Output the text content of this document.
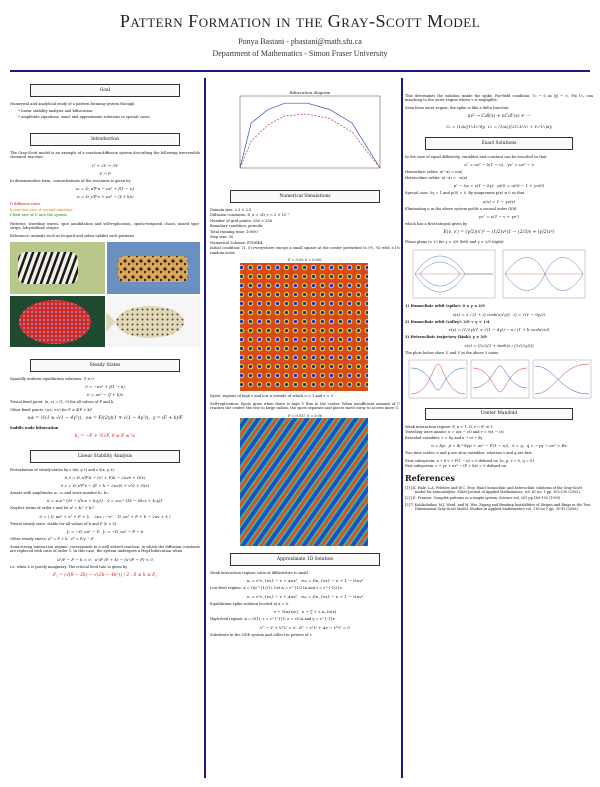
Pattern Formation in the Gray-Scott Model
Ponya Bastani - pbastani@math.sfu.ca
Department of Mathematics - Simon Fraser University
Goal
Numerical and analytical study of a pattern forming system through
• linear stability analysis and bifurcation
• amplitude equations, exact and approximate solutions in special cases
Introduction
The Gray-Scott model is an example of a reaction-diffusion system describing the following irreversible chemical reaction:
U + 2V → 3V
V → P
In dimensionless form, concentrations of the reactants is given by
uₜ = D_u∇²u − uv² + f(1 − u)
vₜ = D_v∇²v + uv² − (f + k)v
D diffusion rates
k reaction rate of second equation
f feed rate of U into the system
Patterns: traveling waves, spot annihilation and self-replication, spatio-temporal chaos, mixed spot-stripe, labyrinthine stripes
Relevance: animals such as leopard and zebra exhibit such patterns
Steady States
Spatially uniform equilibrium solutions: ∇ ≡ 0.
0 = −uv² + f(1 − u)
0 = uv² − (f + k)v
Trivial fixed point: (u, v) = (1, 0) for all values of F and k
Other fixed points: (u±, v±) for F ≥ 4(F + k)²
u± = ½(1 ± √(1 − 4γ²)),  v± = F/(2γ)(1 ∓ √(1 − 4γ²)),  γ = (F + k)/F
Saddle node bifurcation
k꜀ = −F + ½√F, 0 ≤ F ≤ ¼
Linear Stability Analysis
Perturbation of steady-states by ε ū(x, y, t) and ε v̄(x, y, t):
ū_t = D_u∇²ū − (v² + F)ū − 2uvv̄ + O(ε)
v̄_t = D_v∇²v̄ − (F + k − 2uv)v̄ + v²ū + O(ε)
Ansatz with amplitudes u₀, v₀ and wave number k₁, k₂:
ū = u₀e^{λt − i(k₁x + k₂y)},  v̄ = v₀e^{λt − i(k₁x + k₂y)}
Neglect terms of order ε and let a² = k₁² + k₂²:
0 = | D_ua² + v² + F + λ    2uv ; −v²    D_va² + F + k − 2uv + λ |
Trivial steady state: stable for all values of k and F (λ < 0)
J₁ = −D_ua² − F,  J₂ = −D_va² − F − k
Other steady states: u* = F + k,  v* = F/γ − F
Semi-strong interaction regime: corresponds to a well-stirred reaction, in which the diffusion constants are replaced with ratio of order 1. In this case, the system undergoes a Hopf bifurcation when
u²/F − F − k = 0,  u²/F (F + k) − (u²/F − F) < 0
i.e. when λ is purely imaginary. The critical feed rate is given by
F꜀ = (√(8 − 2k) − √(2k − 4k²)) / 2 , 0 ≤ k ≤ F꜀
Bifurcation diagram
Numerical Simulations
Domain size: 2.5 × 2.5
Diffusion constants: D_u = 2D_v = 2 × 10⁻⁵
Number of grid points: 256 × 256
Boundary condition: periodic
Total running time: 10000
Step size: 30
Numerical Scheme: ETDRK4
Initial condition: (1, 0) everywhere except a small square at the center perturbed to (½, ¼) with ±1% random noise
F = 0.03, k = 0.062
Spots: regions of high v and low u outside of which u ≈ 1 and v ≈ 0
Self-replication: Spots grow when there is high U flux to the center. When insufficient amount of U reaches the center, the rise to large radius, the spots separate and pieces move away to access more U.
F = 0.037, k = 0.06
Approximate 1D Solution
Weak interaction regime: ratio of diffusivities is small
uₜ = ε²v_{xx} − v + Auv²,  τuₜ = Du_{xx} − u + 1 − ¼uv²
Low-feed regime: A = O(ε^{1/2}). Let A = ε^{1/2}A and τ = ε^{-1/2}ν.
vₜ = ε²v_{xx} − v + Auv²,  τuₜ = Du_{xx} − u + 1 − ¼uv²
Equilibrium spike solution located at x = 0.
v ~ ¼w(x/ε),  u ~ ζ + ε uₒ ln(x)
High-feed regime: A = O(1). τ = ε^{-1}V, u = εU/A and y = ε^{-1}x
V″ − V + V²U = 0,  D″ − ε²U + Av − V²U = 0
Substitute in the ODE system and collect in powers of ε
This determines the solution inside the spike. Far-field condition: V₀ → 0 as |y| → ∞. Fix U₀, can matching to the outer region where v is negligible.
Seen from outer region, the spike is like a delta function:
uv² → C₀δ(x) + εC₁δ′(x) + ···
C₀ = (1/A)∫U₀V₀²dy,  C₁ = (1/A)∫(2U₀V₀V₁ + V₀²U₁)dy
Exact Solutions
In the case of equal diffusivity, variables and constant can be rescaled so that
u″ = uv² − λ(1 − u),  γv″ = uv² − v
Homoclinic orbits: u(−x) = u(x)
Heteroclinic orbits: u(−x) = −u(x)
p″ − λp = v(1 − λγ),  p(0) = u(0) − 1 + γv(0)
Special case: λγ = 1 and p(0) = 0. By uniqueness p(x) ≡ 0 so that
u(x) = 1 − γv(x)
Eliminating u in the above system yields a second order ODE
γv″ = v(1 − v + γv²)
which has a first integral given by
E(v, v′) = (γ/2)(v′)² − (1/2)v²(1 − (2/3)v + (γ/2)v²)
Phase plane (v, v′) for γ < 2/9 (left) and γ > 2/9 (right)
1) Homoclinic orbit (spike): 0 ≤ γ ≤ 2/9
v(x) = 3 / (1 + Q cosh(x/√γ)),  Q = √(1 − 9γ/2)
2) Homoclinic orbit (valley): 2/9 < γ < 1/4
v(x) = (1/2γ)(1 ± √(1 − 4γ)) − a / (1 + b cosh(cx))
3) Heteroclinic trajectory (kink): γ = 2/9
v(x) = (3/2)(1 + tanh(x / (2√(2γ))))
The plots below show U and V in the above 3 cases.
Center Manifold
Weak interaction regime: D_u = 1, D_v = δ² ≪ 1
Traveling wave ansatz: u = u(x − ct) and v = v(x − ct)
Rescaled variables: c = δγ and x → ct + δy
u̇ = δp,  ṗ = δ(−δγp + uv² − F(1 − u)),  v̇ = q,  q̇ = −γq − uv² + Bv
Two time scales: u and p are slow variables, whereas v and q are fast.
Slow subsystem: u + δ v + F(1 − u) = 0 defined on {u, p, v = 0, q = 0}
Fast subsystem: v + γv + uv² − (F + k)v = 0 defined on
References
[1] J.K. Hale, L.A. Peletier, and W.C. Troy. Exact homoclinic and heteroclinic solutions of the Gray-Scott model for autocatalysis. SIAM Journal of Applied Mathematics, vol. 61 no. 1 pp. 102-130 (2002).
[2] J.E. Pearson. Complex patterns in a simple system. Science vol. 261 pp.189-192 (1993)
[3] T. Kolokolnikov, M.J. Ward, and M. Wei. Zigzag and Breakup Instabilities of Stripes and Rings in the Two-Dimensional Gray-Scott Model. Studies in Applied Mathematics vol. 116 no 1 pp. 35-95 (2006)
